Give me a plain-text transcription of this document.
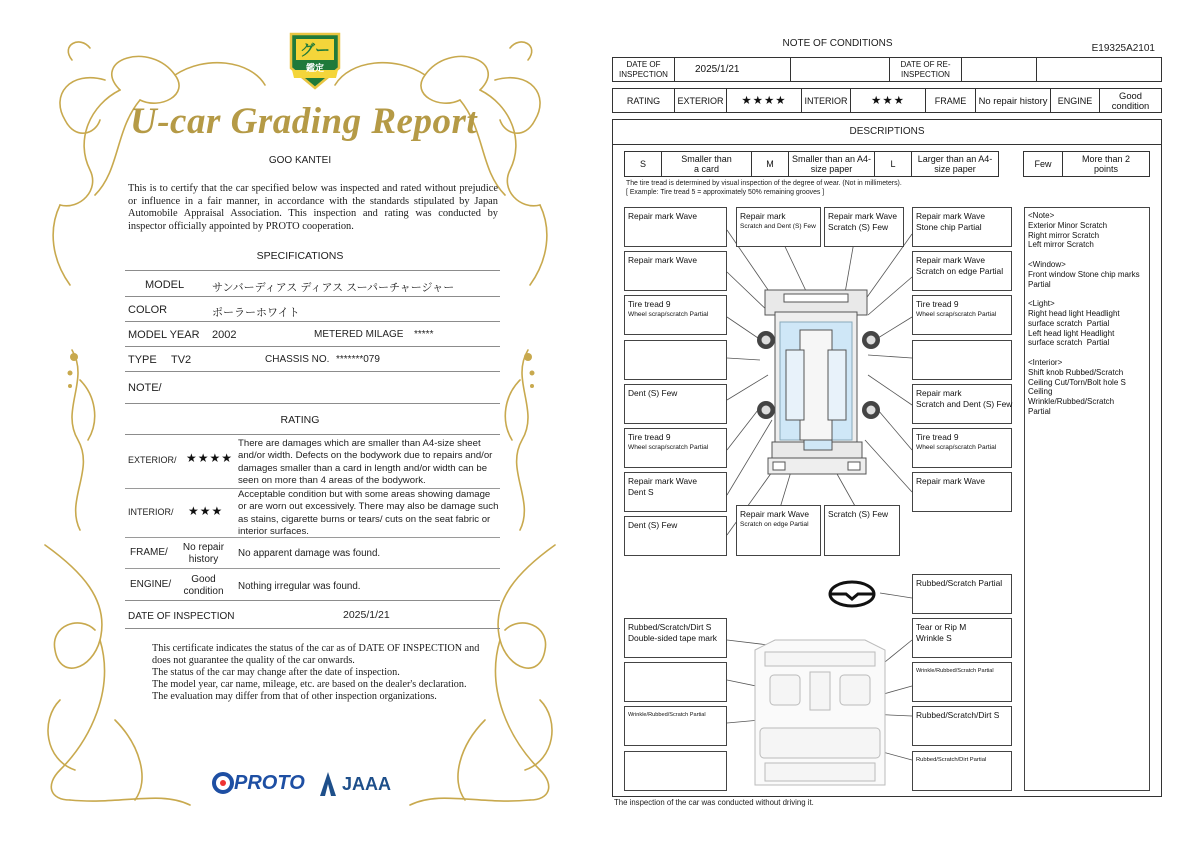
グー
鑑定
U-car Grading Report
GOO KANTEI
This is to certify that the car specified below was inspected and rated without prejudice or influence in a fair manner, in accordance with the standards stipulated by Japan Automobile Appraisal Association. This inspection and rating was conducted by inspector officially appointed by PROTO cooperation.
SPECIFICATIONS
MODEL	サンバーディアス ディアス スーパーチャージャー
COLOR	ポーラーホワイト
MODEL YEAR 2002	METERED MILAGE *****
TYPE TV2	CHASSIS NO. *******079
NOTE/
RATING
EXTERIOR/ ★★★★
There are damages which are smaller than A4-size sheet and/or width. Defects on the bodywork due to repairs and/or damages smaller than a card in length and/or width can be seen on more than 4 areas of the bodywork.
INTERIOR/ ★★★
Acceptable condition but with some areas showing damage or are worn out excessively. There may also be damage such as stains, cigarette burns or tears/ cuts on the seat fabric or interior surfaces.
FRAME/	No repair history	No apparent damage was found.
ENGINE/	Good condition	Nothing irregular was found.
DATE OF INSPECTION	2025/1/21
This certificate indicates the status of the car as of DATE OF INSPECTION and does not guarantee the quality of the car onwards.
The status of the car may change after the date of inspection.
The model year, car name, mileage, etc. are based on the dealer's declaration.
The evaluation may differ from that of other inspection organizations.
PROTO JAAA
NOTE OF CONDITIONS	E19325A2101
DATE OF INSPECTION	2025/1/21	DATE OF RE-INSPECTION
RATING	EXTERIOR	★★★★	INTERIOR	★★★	FRAME	No repair history	ENGINE	Good condition
DESCRIPTIONS
S	Smaller than a card	M	Smaller than an A4-size paper	L	Larger than an A4-size paper	Few	More than 2 points
The tire tread is determined by visual inspection of the degree of wear. (Not in millimeters).
[ Example: Tire tread 5 = approximately 50% remaining grooves ]
Repair mark Wave	Repair mark
Scratch and Dent (S) Few
Repair mark Wave
Scratch (S) Few
Repair mark Wave
Stone chip Partial
Repair mark Wave	Repair mark Wave
Scratch on edge Partial
Tire tread 9
Wheel scrap/scratch Partial
Tire tread 9
Wheel scrap/scratch Partial
Dent (S) Few	Repair mark
Scratch and Dent (S) Few
Tire tread 9
Wheel scrap/scratch Partial
Tire tread 9
Wheel scrap/scratch Partial
Repair mark Wave
Dent S
Repair mark Wave
Dent (S) Few
Repair mark Wave
Scratch on edge Partial
Scratch (S) Few
Rubbed/Scratch Partial
Rubbed/Scratch/Dirt S
Double-sided tape mark
Tear or Rip M
Wrinkle S
Wrinkle/Rubbed/Scratch Partial
Wrinkle/Rubbed/Scratch Partial	Rubbed/Scratch/Dirt S
Rubbed/Scratch/Dirt Partial
<Note>
Exterior Minor Scratch
Right mirror Scratch
Left mirror Scratch

<Window>
Front window Stone chip marks
Partial

<Light>
Right head light Headlight
surface scratch  Partial
Left head light Headlight
surface scratch  Partial

<Interior>
Shift knob Rubbed/Scratch
Ceiling Cut/Torn/Bolt hole S
Ceiling
Wrinkle/Rubbed/Scratch
Partial
The inspection of the car was conducted without driving it.
